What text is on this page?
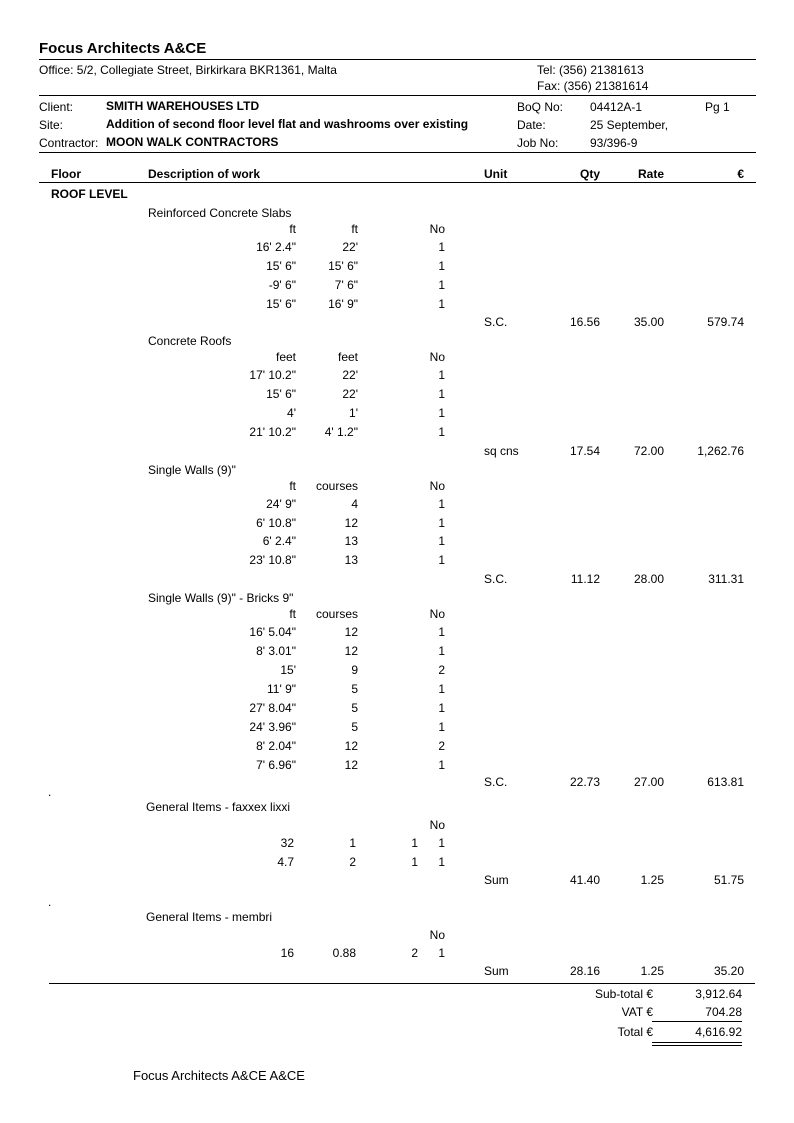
Focus Architects A&CE
Office: 5/2, Collegiate Street, Birkirkara BKR1361, Malta	Tel: (356) 21381613
Fax: (356) 21381614
Client:	SMITH WAREHOUSES LTD
Site:	Addition of second floor level flat and washrooms over existing
Contractor: MOON WALK CONTRACTORS
BoQ No: 04412A-1	Pg 1
Date:	25 September,
Job No:	93/396-9
Floor	Description of work	Unit	Qty	Rate	€
ROOF LEVEL
Reinforced Concrete Slabs
ft	ft	No
16' 2.4"	22'	1
15' 6"	15' 6"	1
-9' 6"	7' 6"	1
15' 6"	16' 9"	1
S.C.	16.56	35.00	579.74
Concrete Roofs
feet	feet	No
17' 10.2"	22'	1
15' 6"	22'	1
4'	1'	1
21' 10.2"	4' 1.2"	1
sq cns	17.54	72.00	1,262.76
Single Walls (9)"
ft	courses	No
24' 9"	4	1
6' 10.8"	12	1
6' 2.4"	13	1
23' 10.8"	13	1
S.C.	11.12	28.00	311.31
Single Walls (9)" - Bricks 9"
ft	courses	No
16' 5.04"	12	1
8' 3.01"	12	1
15'	9	2
11' 9"	5	1
27' 8.04"	5	1
24' 3.96"	5	1
8' 2.04"	12	2
7' 6.96"	12	1
S.C.	22.73	27.00	613.81
.
General Items - faxxex lixxi
No
32	1	1	1
4.7	2	1	1
Sum	41.40	1.25	51.75
.
General Items - membri
No
16	0.88	2	1
Sum	28.16	1.25	35.20
Sub-total €	3,912.64
VAT €	704.28
Total €	4,616.92
Focus Architects A&CE A&CE
